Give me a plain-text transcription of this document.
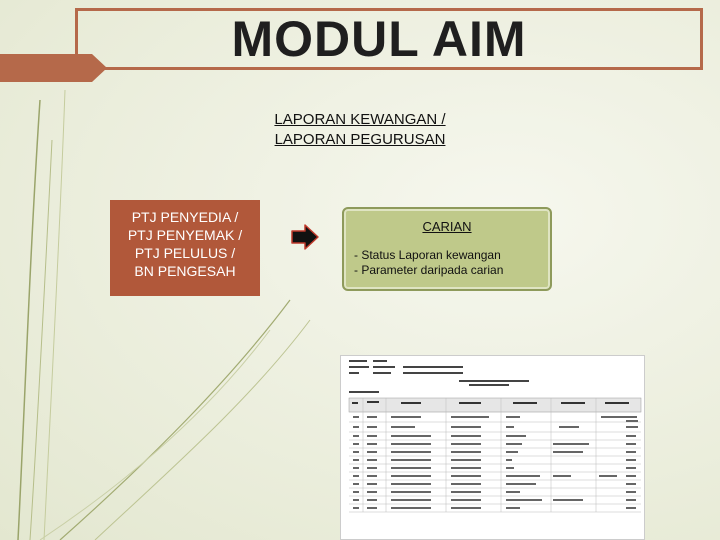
MODUL AIM
LAPORAN KEWANGAN /
LAPORAN PEGURUSAN
PTJ PENYEDIA /
PTJ PENYEMAK /
PTJ PELULUS /
BN PENGESAH
CARIAN
- Status Laporan kewangan
- Parameter daripada carian
